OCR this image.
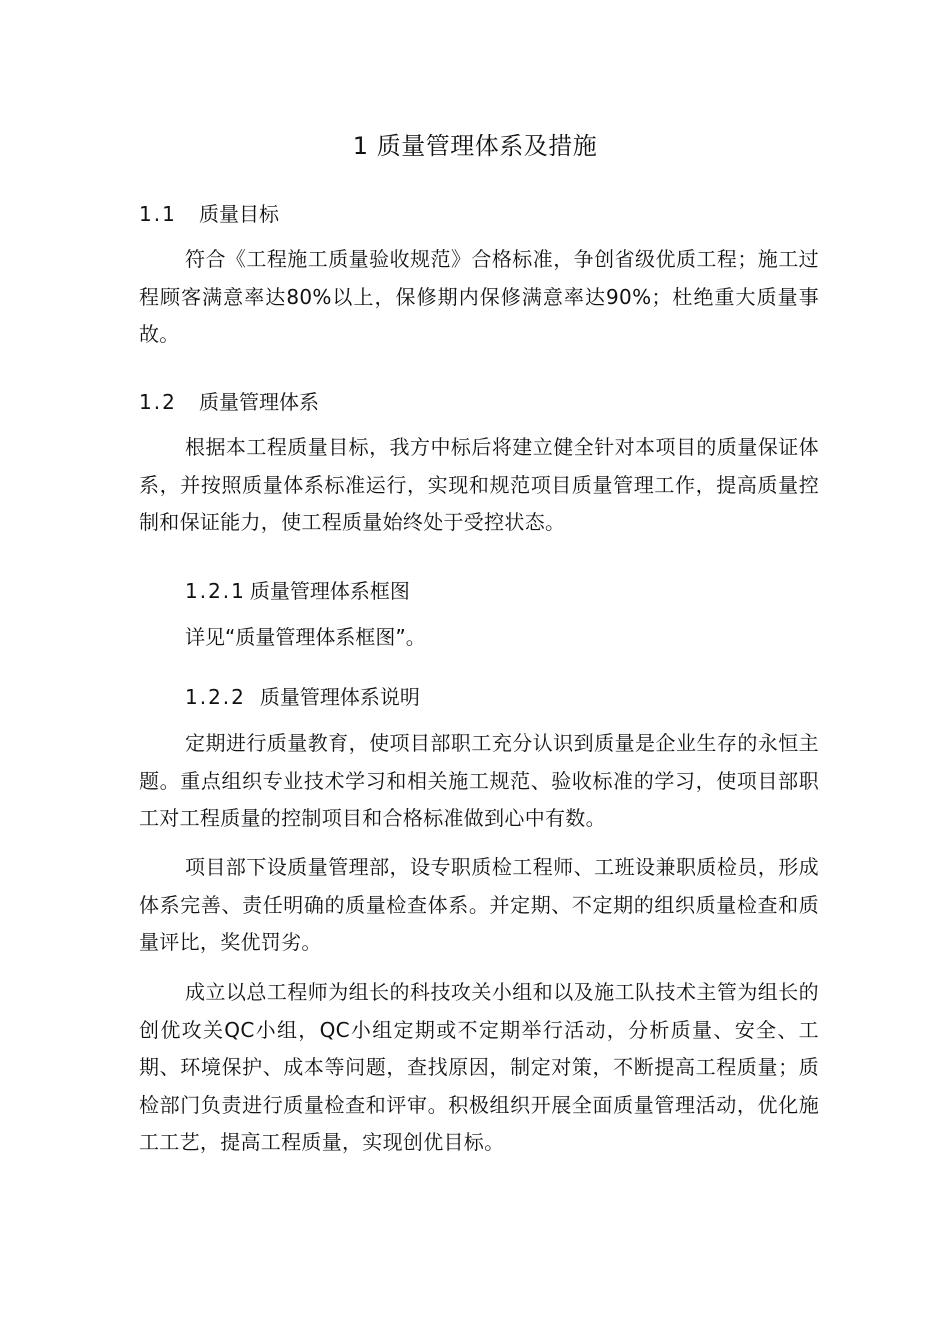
1 质量管理体系及措施
1.1 质量目标

符合《工程施工质量验收规范》合格标准，争创省级优质工程；施工过程顾客满意率达80%以上，保修期内保修满意率达90%；杜绝重大质量事故。

1.2 质量管理体系

根据本工程质量目标，我方中标后将建立健全针对本项目的质量保证体系，并按照质量体系标准运行，实现和规范项目质量管理工作，提高质量控制和保证能力，使工程质量始终处于受控状态。

1.2.1 质量管理体系框图

详见“质量管理体系框图”。

1.2.2 质量管理体系说明

定期进行质量教育，使项目部职工充分认识到质量是企业生存的永恒主题。重点组织专业技术学习和相关施工规范、验收标准的学习，使项目部职工对工程质量的控制项目和合格标准做到心中有数。

项目部下设质量管理部，设专职质检工程师、工班设兼职质检员，形成体系完善、责任明确的质量检查体系。并定期、不定期的组织质量检查和质量评比，奖优罚劣。

成立以总工程师为组长的科技攻关小组和以及施工队技术主管为组长的创优攻关QC小组，QC小组定期或不定期举行活动，分析质量、安全、工期、环境保护、成本等问题，查找原因，制定对策，不断提高工程质量；质检部门负责进行质量检查和评审。积极组织开展全面质量管理活动，优化施工工艺，提高工程质量，实现创优目标。
